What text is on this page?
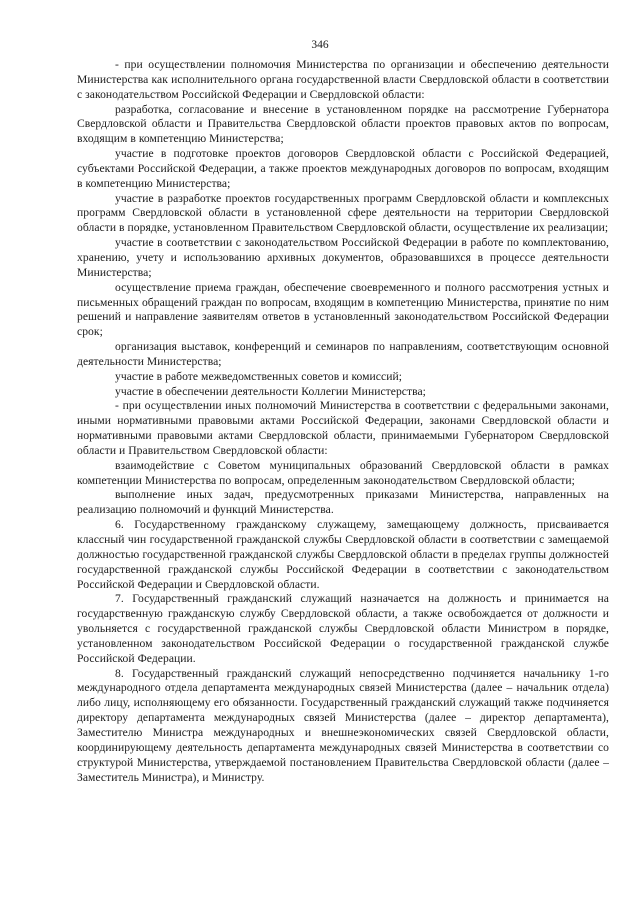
346

- при осуществлении полномочия Министерства по организации и обеспечению деятельности Министерства как исполнительного органа государственной власти Свердловской области в соответствии с законодательством Российской Федерации и Свердловской области:

разработка, согласование и внесение в установленном порядке на рассмотрение Губернатора Свердловской области и Правительства Свердловской области проектов правовых актов по вопросам, входящим в компетенцию Министерства;

участие в подготовке проектов договоров Свердловской области с Российской Федерацией, субъектами Российской Федерации, а также проектов международных договоров по вопросам, входящим в компетенцию Министерства;

участие в разработке проектов государственных программ Свердловской области и комплексных программ Свердловской области в установленной сфере деятельности на территории Свердловской области в порядке, установленном Правительством Свердловской области, осуществление их реализации;

участие в соответствии с законодательством Российской Федерации в работе по комплектованию, хранению, учету и использованию архивных документов, образовавшихся в процессе деятельности Министерства;

осуществление приема граждан, обеспечение своевременного и полного рассмотрения устных и письменных обращений граждан по вопросам, входящим в компетенцию Министерства, принятие по ним решений и направление заявителям ответов в установленный законодательством Российской Федерации срок;

организация выставок, конференций и семинаров по направлениям, соответствующим основной деятельности Министерства;

участие в работе межведомственных советов и комиссий;

участие в обеспечении деятельности Коллегии Министерства;

- при осуществлении иных полномочий Министерства в соответствии с федеральными законами, иными нормативными правовыми актами Российской Федерации, законами Свердловской области и нормативными правовыми актами Свердловской области, принимаемыми Губернатором Свердловской области и Правительством Свердловской области:

взаимодействие с Советом муниципальных образований Свердловской области в рамках компетенции Министерства по вопросам, определенным законодательством Свердловской области;

выполнение иных задач, предусмотренных приказами Министерства, направленных на реализацию полномочий и функций Министерства.

6. Государственному гражданскому служащему, замещающему должность, присваивается классный чин государственной гражданской службы Свердловской области в соответствии с замещаемой должностью государственной гражданской службы Свердловской области в пределах группы должностей государственной гражданской службы Российской Федерации в соответствии с законодательством Российской Федерации и Свердловской области.

7. Государственный гражданский служащий назначается на должность и принимается на государственную гражданскую службу Свердловской области, а также освобождается от должности и увольняется с государственной гражданской службы Свердловской области Министром в порядке, установленном законодательством Российской Федерации о государственной гражданской службе Российской Федерации.

8. Государственный гражданский служащий непосредственно подчиняется начальнику 1-го международного отдела департамента международных связей Министерства (далее – начальник отдела) либо лицу, исполняющему его обязанности. Государственный гражданский служащий также подчиняется директору департамента международных связей Министерства (далее – директор департамента), Заместителю Министра международных и внешнеэкономических связей Свердловской области, координирующему деятельность департамента международных связей Министерства в соответствии со структурой Министерства, утверждаемой постановлением Правительства Свердловской области (далее – Заместитель Министра), и Министру.
